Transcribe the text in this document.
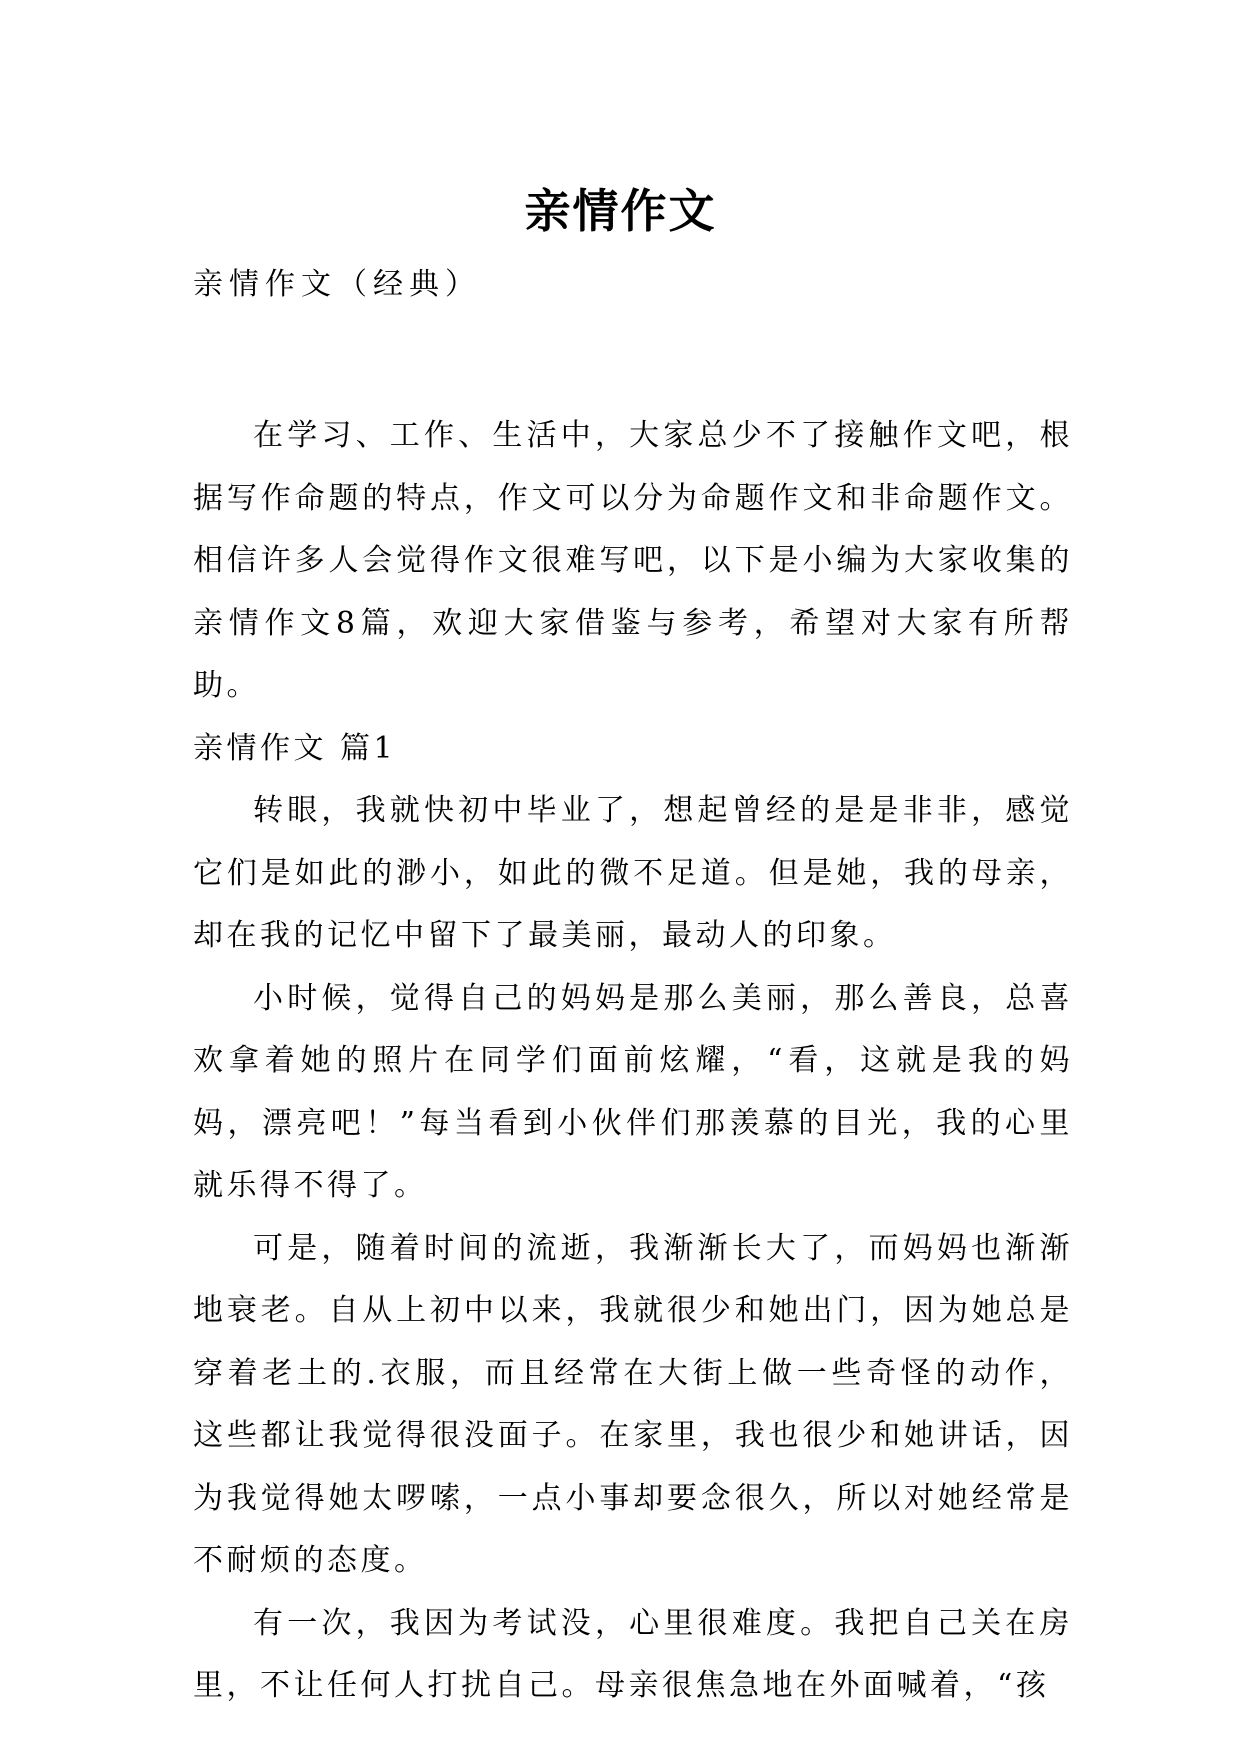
亲情作文
亲情作文（经典）

在学习、工作、生活中，大家总少不了接触作文吧，根据写作命题的特点，作文可以分为命题作文和非命题作文。相信许多人会觉得作文很难写吧，以下是小编为大家收集的亲情作文8篇，欢迎大家借鉴与参考，希望对大家有所帮助。

亲情作文 篇1

转眼，我就快初中毕业了，想起曾经的是是非非，感觉它们是如此的渺小，如此的微不足道。但是她，我的母亲，却在我的记忆中留下了最美丽，最动人的印象。

小时候，觉得自己的妈妈是那么美丽，那么善良，总喜欢拿着她的照片在同学们面前炫耀，“看，这就是我的妈妈，漂亮吧！”每当看到小伙伴们那羡慕的目光，我的心里就乐得不得了。

可是，随着时间的流逝，我渐渐长大了，而妈妈也渐渐地衰老。自从上初中以来，我就很少和她出门，因为她总是穿着老土的.衣服，而且经常在大街上做一些奇怪的动作，这些都让我觉得很没面子。在家里，我也很少和她讲话，因为我觉得她太啰嗦，一点小事却要念很久，所以对她经常是不耐烦的态度。

有一次，我因为考试没，心里很难度。我把自己关在房里，不让任何人打扰自己。母亲很焦急地在外面喊着，“孩
